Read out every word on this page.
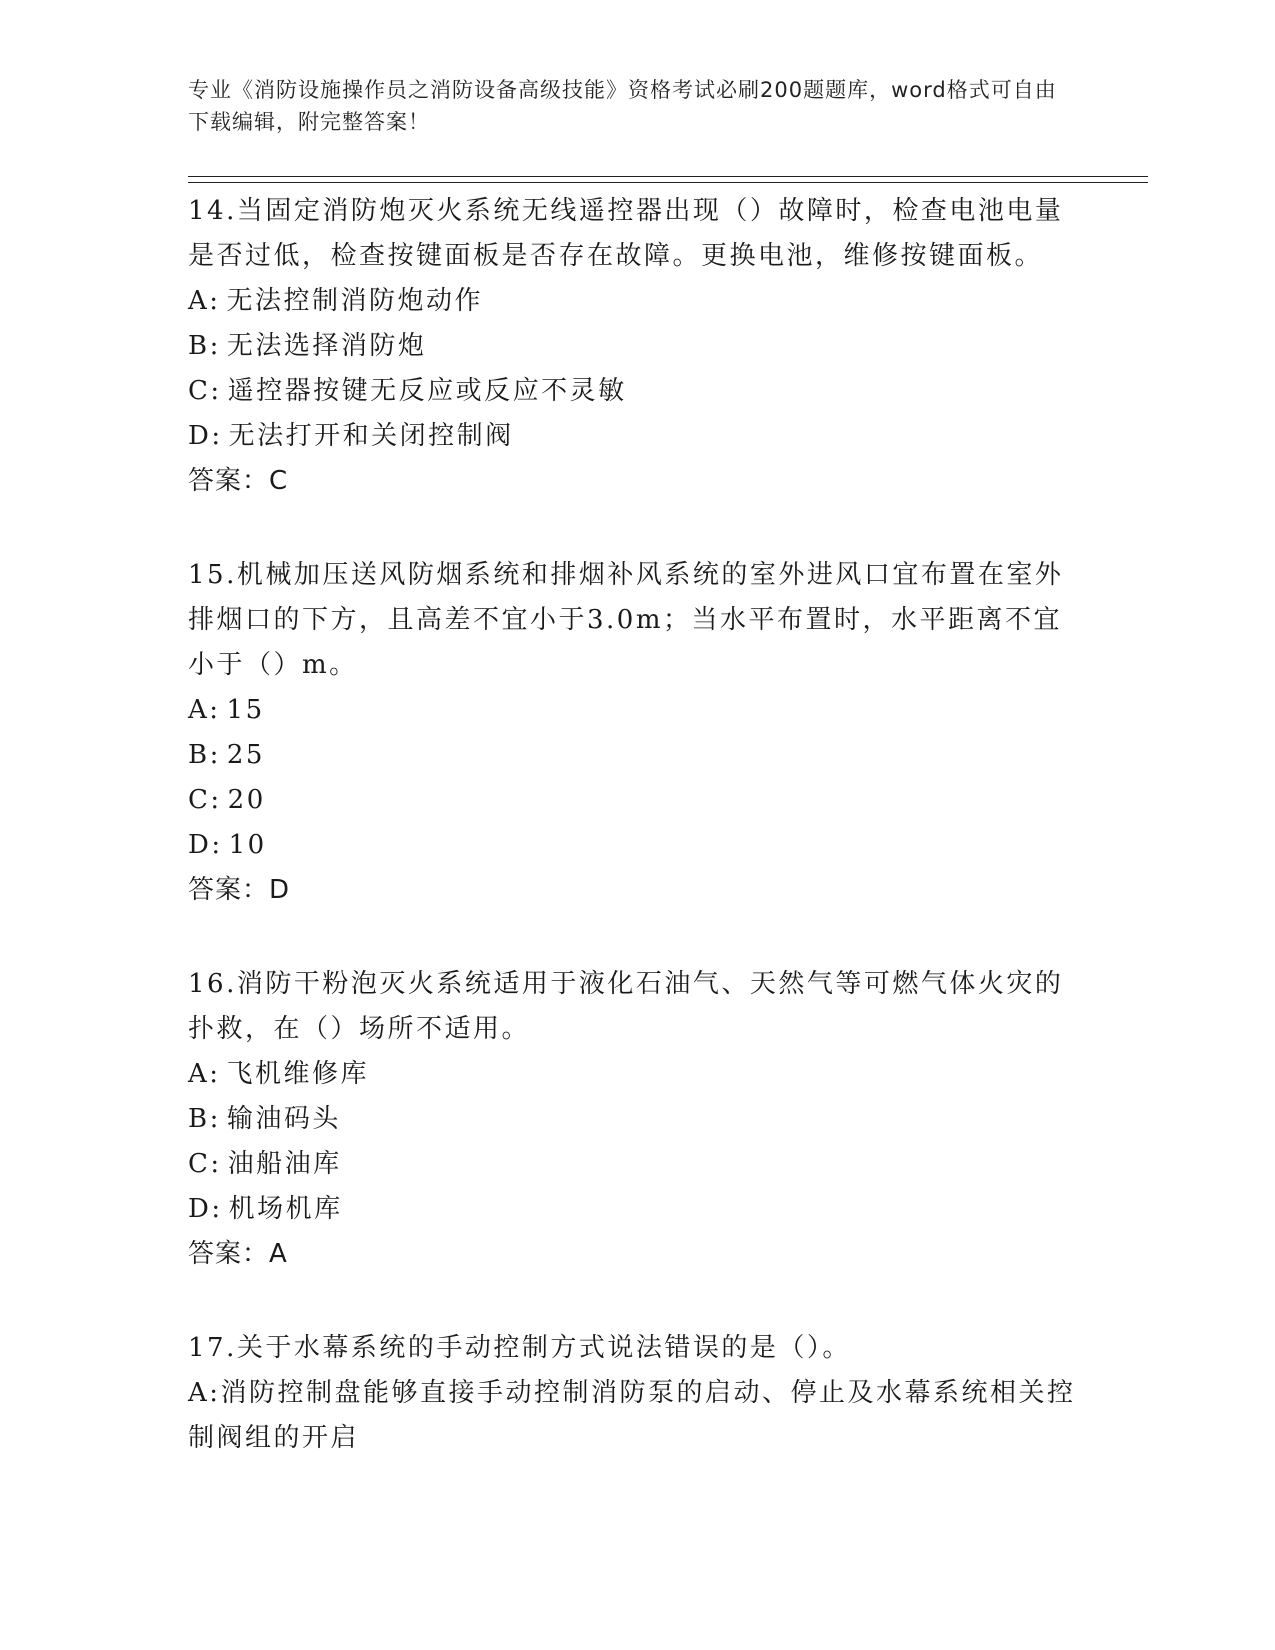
专业《消防设施操作员之消防设备高级技能》资格考试必刷200题题库，word格式可自由下载编辑，附完整答案！

14.当固定消防炮灭火系统无线遥控器出现（）故障时，检查电池电量是否过低，检查按键面板是否存在故障。更换电池，维修按键面板。

A: 无法控制消防炮动作

B: 无法选择消防炮

C: 遥控器按键无反应或反应不灵敏

D: 无法打开和关闭控制阀

答案：C

15.机械加压送风防烟系统和排烟补风系统的室外进风口宜布置在室外排烟口的下方，且高差不宜小于3.0m；当水平布置时，水平距离不宜小于（）m。

A: 15

B: 25

C: 20

D: 10

答案：D

16.消防干粉泡灭火系统适用于液化石油气、天然气等可燃气体火灾的扑救，在（）场所不适用。

A: 飞机维修库

B: 输油码头

C: 油船油库

D: 机场机库

答案：A

17.关于水幕系统的手动控制方式说法错误的是（）。

A:消防控制盘能够直接手动控制消防泵的启动、停止及水幕系统相关控制阀组的开启
